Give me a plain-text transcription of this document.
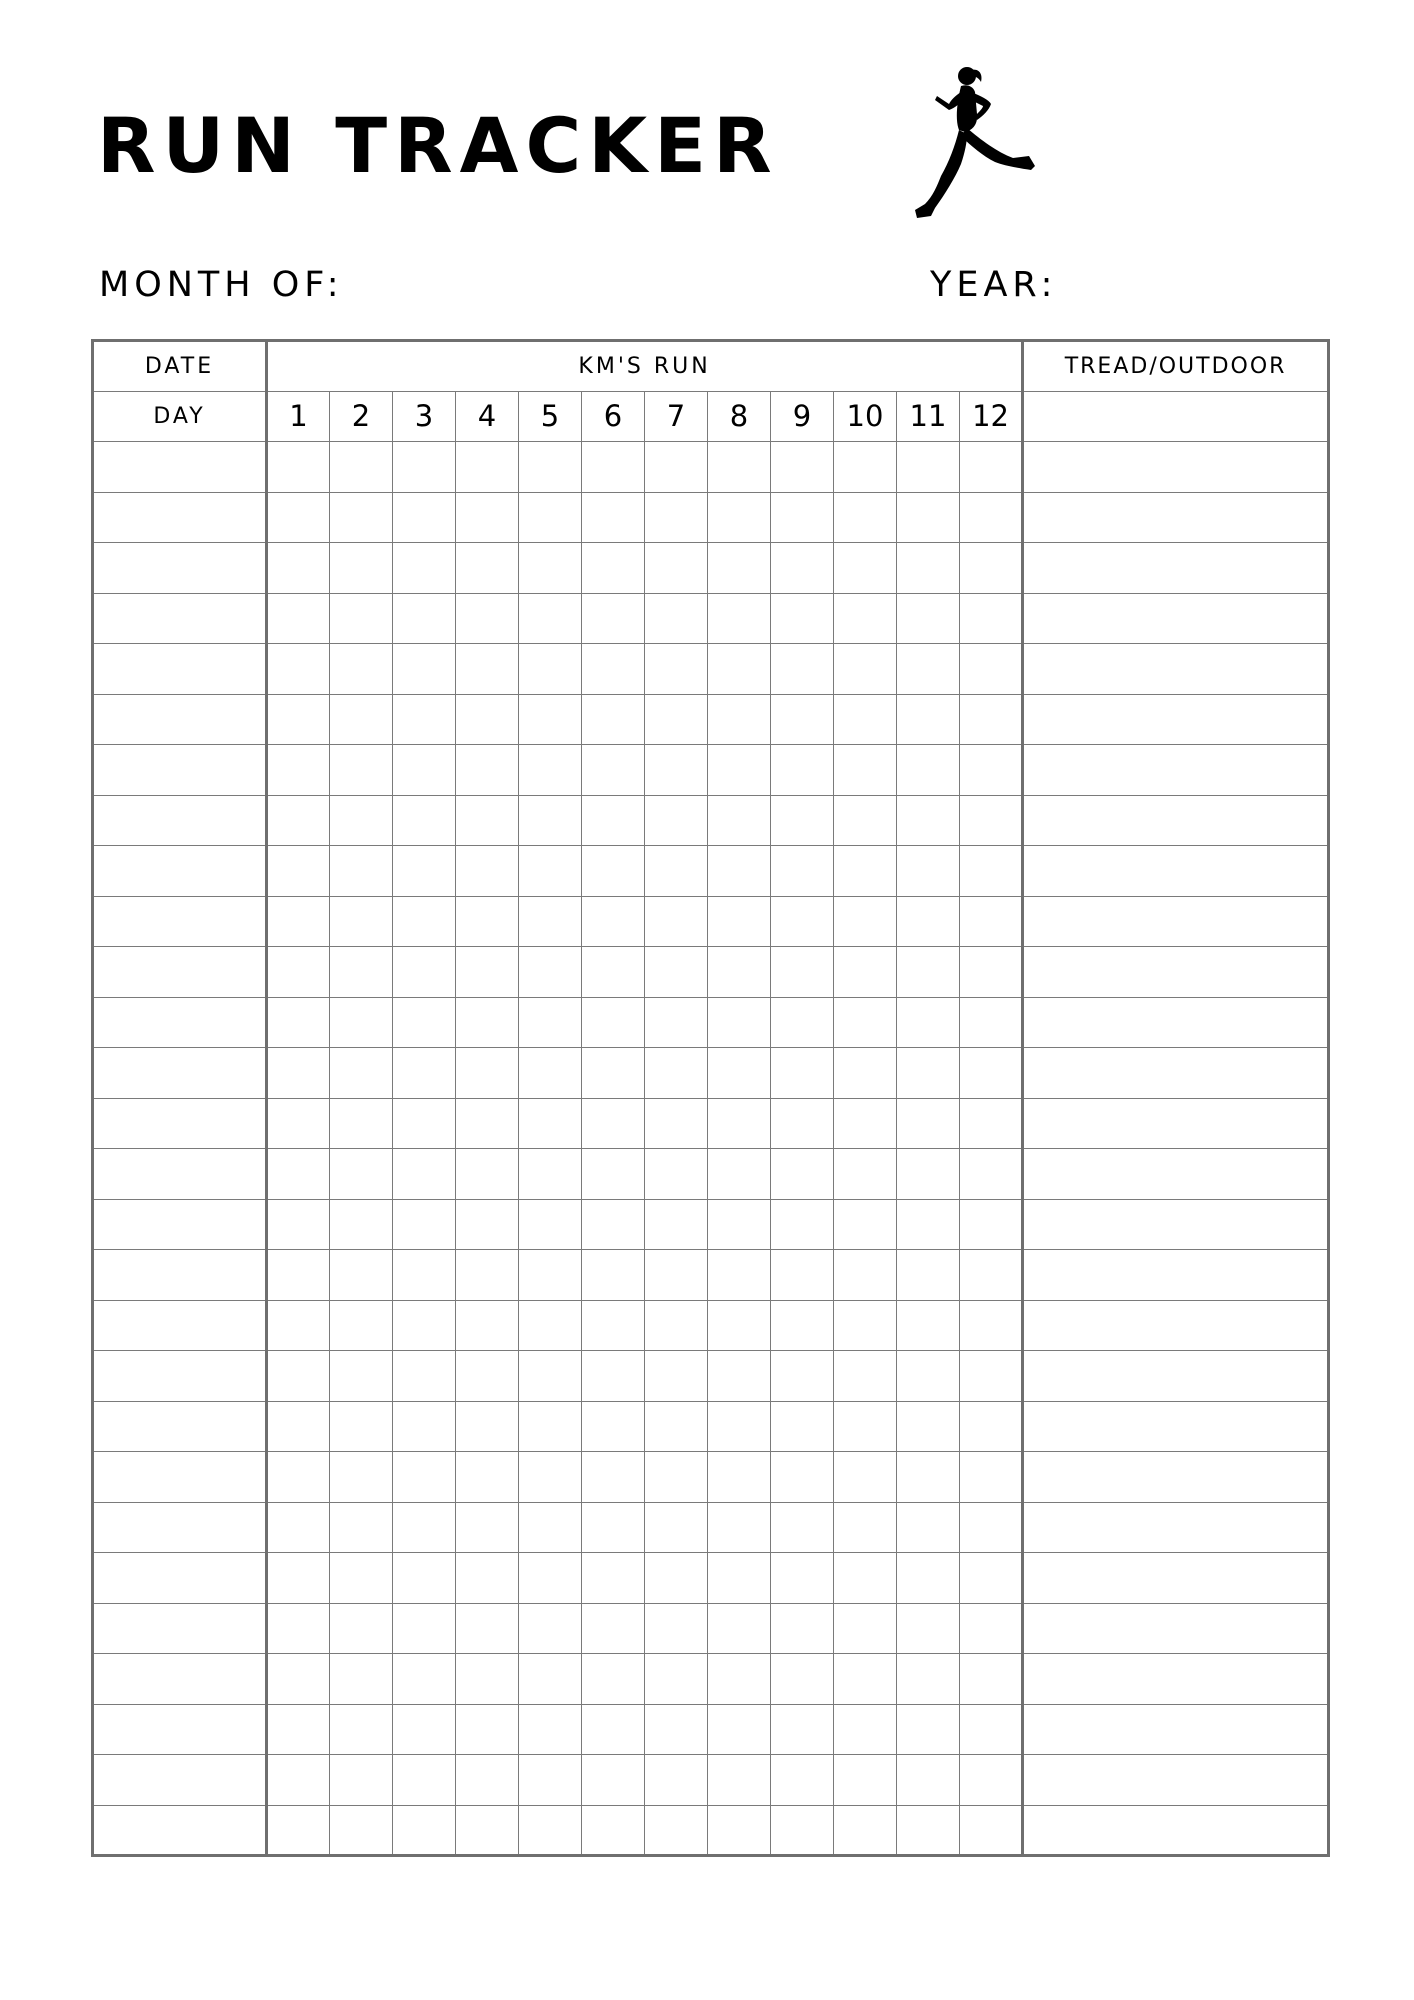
RUN TRACKER
MONTH OF:	YEAR:
DATE	KM'S RUN												TREAD/OUTDOOR
DAY	1	2	3	4	5	6	7	8	9	10	11	12	
